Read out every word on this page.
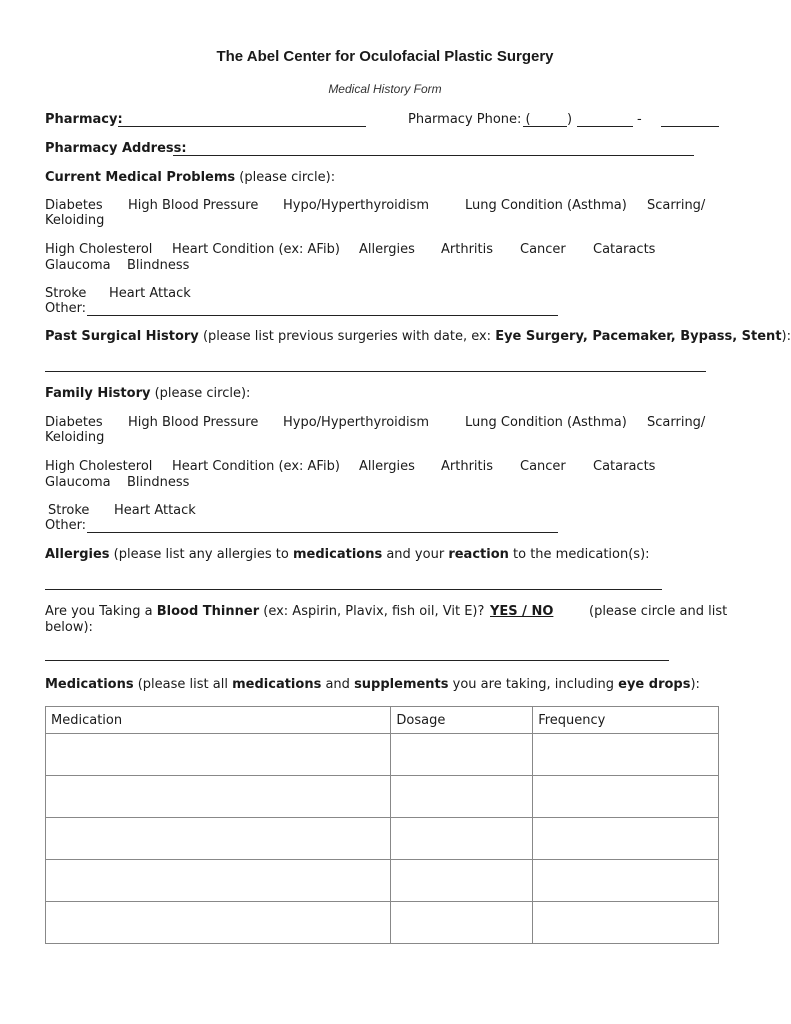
The Abel Center for Oculofacial Plastic Surgery
Medical History Form
Pharmacy:	Pharmacy Phone: (	)	-
Pharmacy Address:
Current Medical Problems (please circle):
Diabetes High Blood Pressure Hypo/Hyperthyroidism	Lung Condition (Asthma) Scarring/
Keloiding
High Cholesterol Heart Condition (ex: AFib) Allergies Arthritis Cancer Cataracts
Glaucoma Blindness
Stroke Heart Attack
Other:
Past Surgical History (please list previous surgeries with date, ex: Eye Surgery, Pacemaker, Bypass, Stent):
Family History (please circle):
Diabetes High Blood Pressure Hypo/Hyperthyroidism	Lung Condition (Asthma) Scarring/
Keloiding
High Cholesterol Heart Condition (ex: AFib) Allergies Arthritis Cancer Cataracts
Glaucoma Blindness
Stroke Heart Attack
Other:
Allergies (please list any allergies to medications and your reaction to the medication(s):
Are you Taking a Blood Thinner (ex: Aspirin, Plavix, fish oil, Vit E)? YES / NO	(please circle and list
below):
Medications (please list all medications and supplements you are taking, including eye drops):
Medication	Dosage	Frequency
